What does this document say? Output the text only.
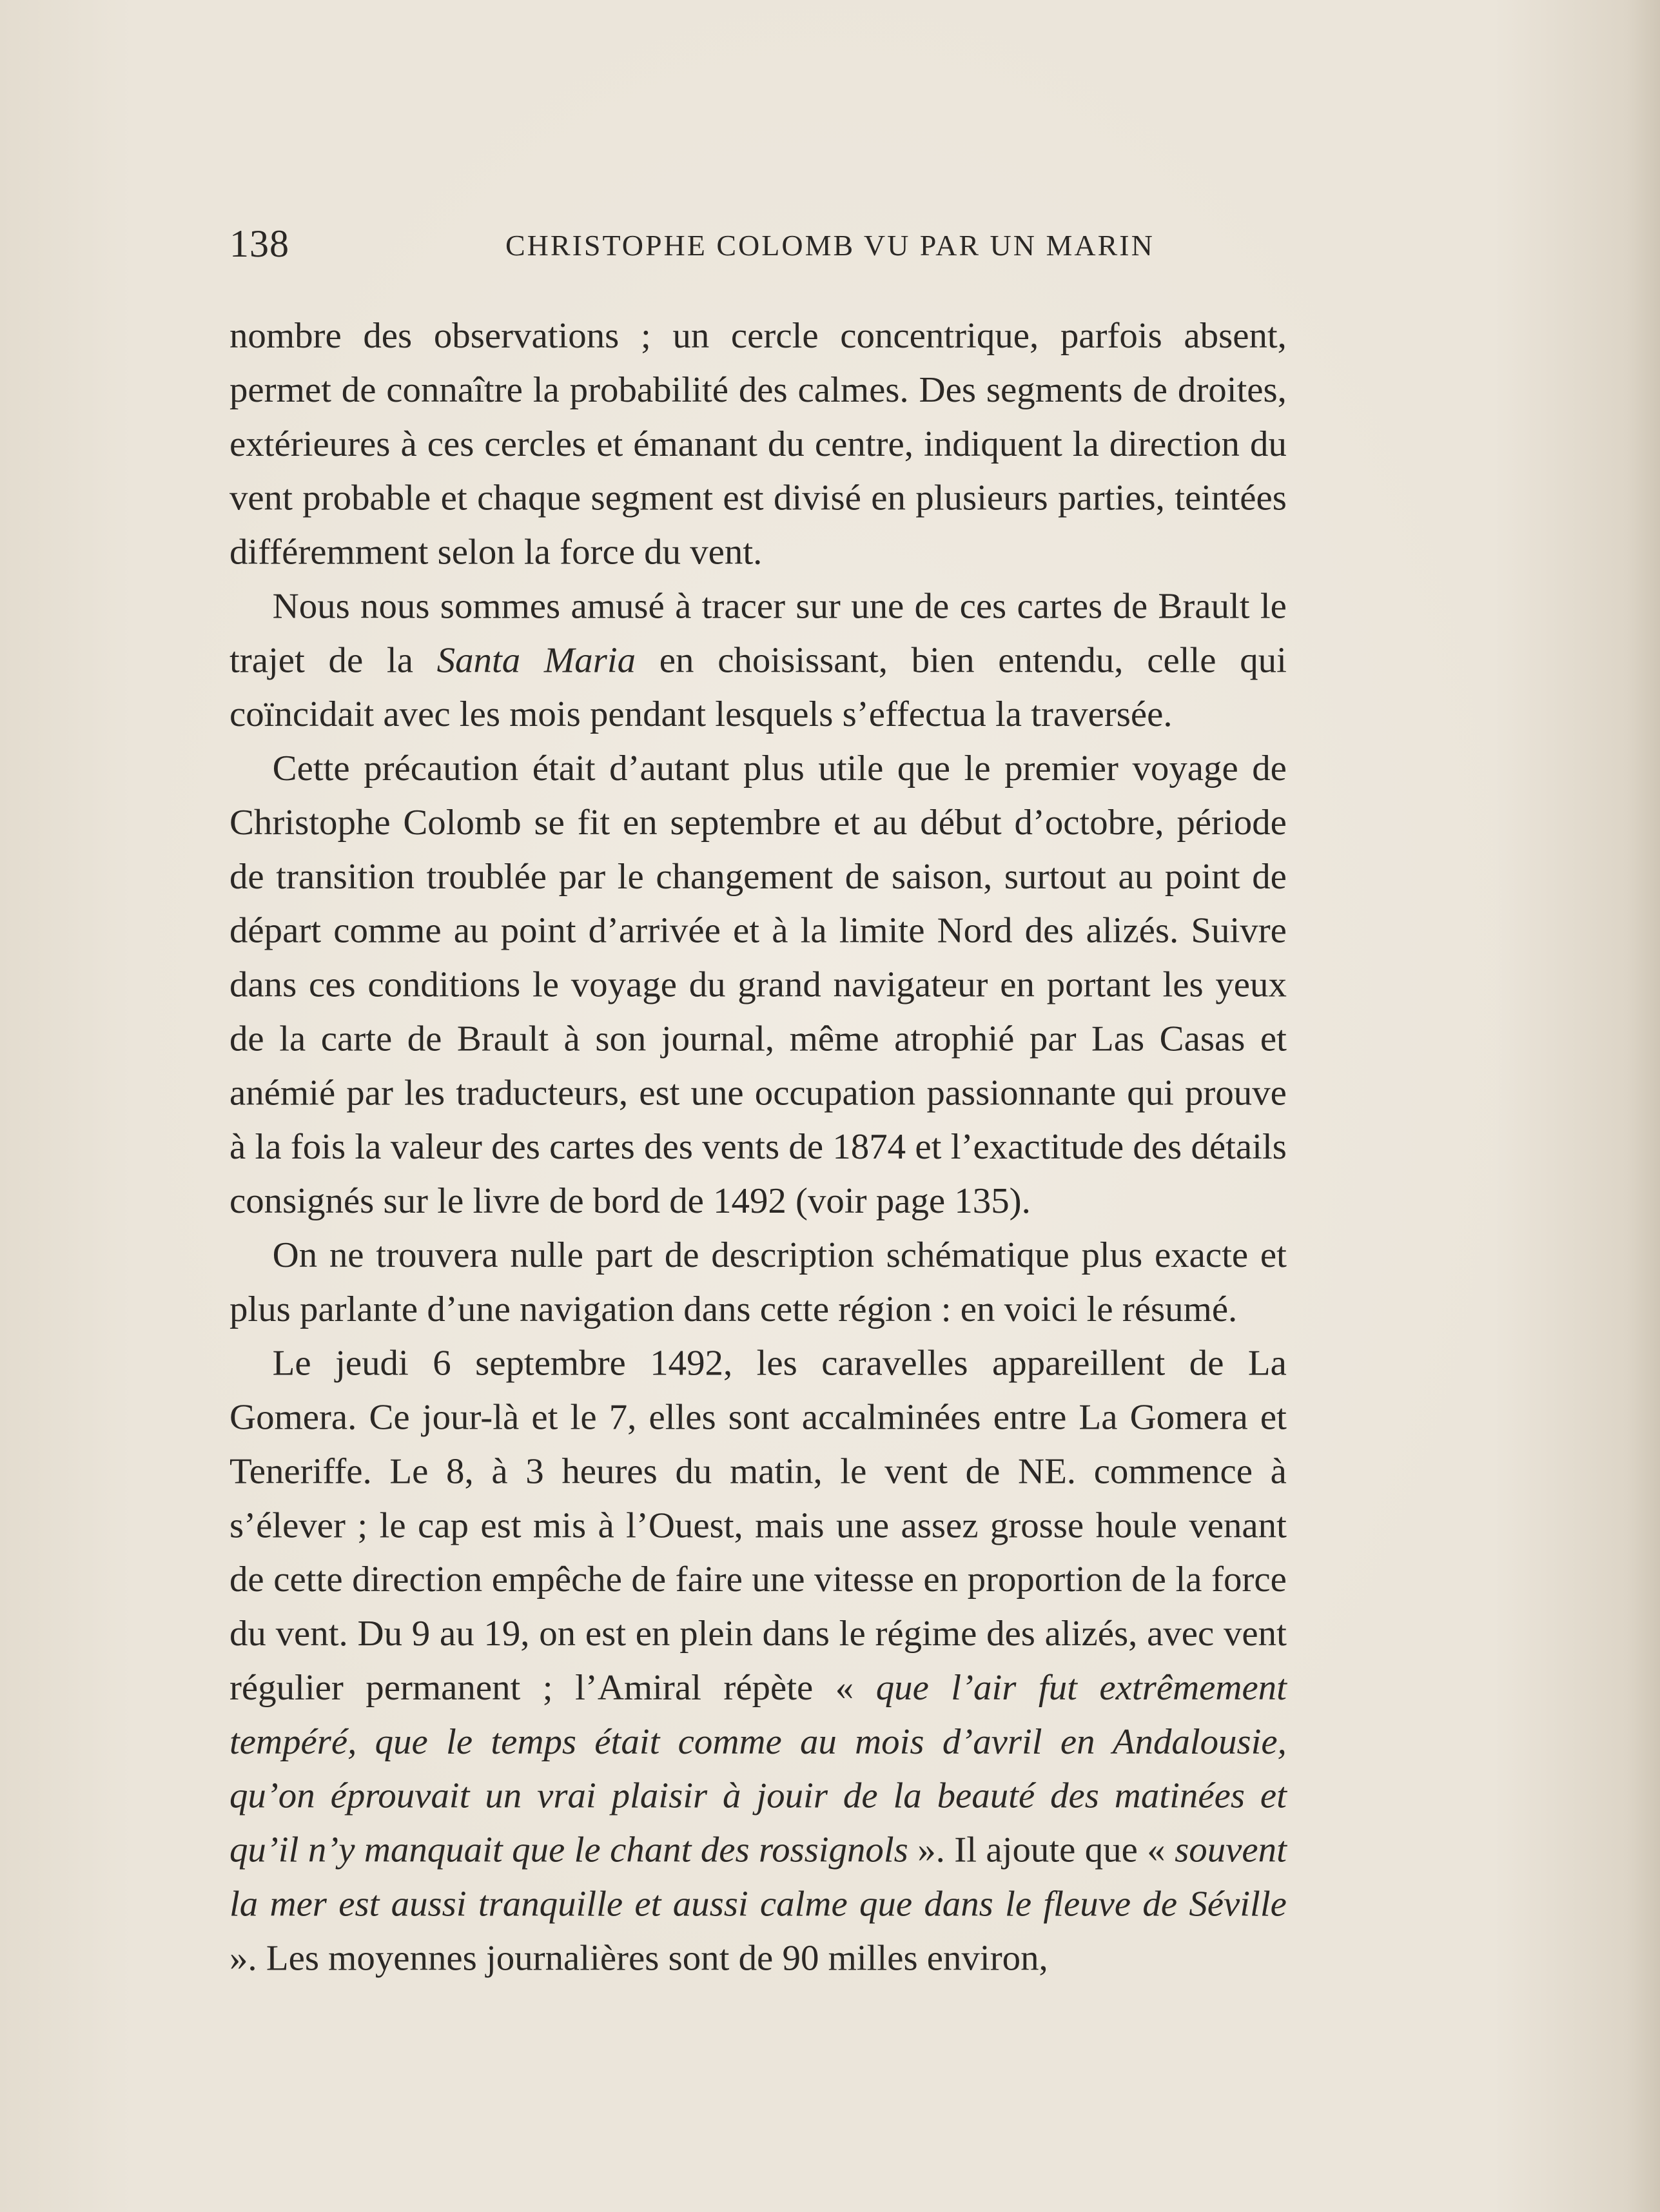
138	CHRISTOPHE COLOMB VU PAR UN MARIN

nombre des observations ; un cercle concentrique, parfois absent, permet de connaître la probabilité des calmes. Des segments de droites, extérieures à ces cercles et émanant du centre, indiquent la direction du vent probable et chaque segment est divisé en plusieurs parties, teintées différemment selon la force du vent.

Nous nous sommes amusé à tracer sur une de ces cartes de Brault le trajet de la Santa Maria en choisissant, bien entendu, celle qui coïncidait avec les mois pendant lesquels s’effectua la traversée.

Cette précaution était d’autant plus utile que le premier voyage de Christophe Colomb se fit en septembre et au début d’octobre, période de transition troublée par le changement de saison, surtout au point de départ comme au point d’arrivée et à la limite Nord des alizés. Suivre dans ces conditions le voyage du grand navigateur en portant les yeux de la carte de Brault à son journal, même atrophié par Las Casas et anémié par les traducteurs, est une occupation passionnante qui prouve à la fois la valeur des cartes des vents de 1874 et l’exactitude des détails consignés sur le livre de bord de 1492 (voir page 135).

On ne trouvera nulle part de description schématique plus exacte et plus parlante d’une navigation dans cette région : en voici le résumé.

Le jeudi 6 septembre 1492, les caravelles appareillent de La Gomera. Ce jour-là et le 7, elles sont accalminées entre La Gomera et Teneriffe. Le 8, à 3 heures du matin, le vent de NE. commence à s’élever ; le cap est mis à l’Ouest, mais une assez grosse houle venant de cette direction empêche de faire une vitesse en proportion de la force du vent. Du 9 au 19, on est en plein dans le régime des alizés, avec vent régulier permanent ; l’Amiral répète « que l’air fut extrêmement tempéré, que le temps était comme au mois d’avril en Andalousie, qu’on éprouvait un vrai plaisir à jouir de la beauté des matinées et qu’il n’y manquait que le chant des rossignols ». Il ajoute que « souvent la mer est aussi tranquille et aussi calme que dans le fleuve de Séville ». Les moyennes journalières sont de 90 milles environ,
